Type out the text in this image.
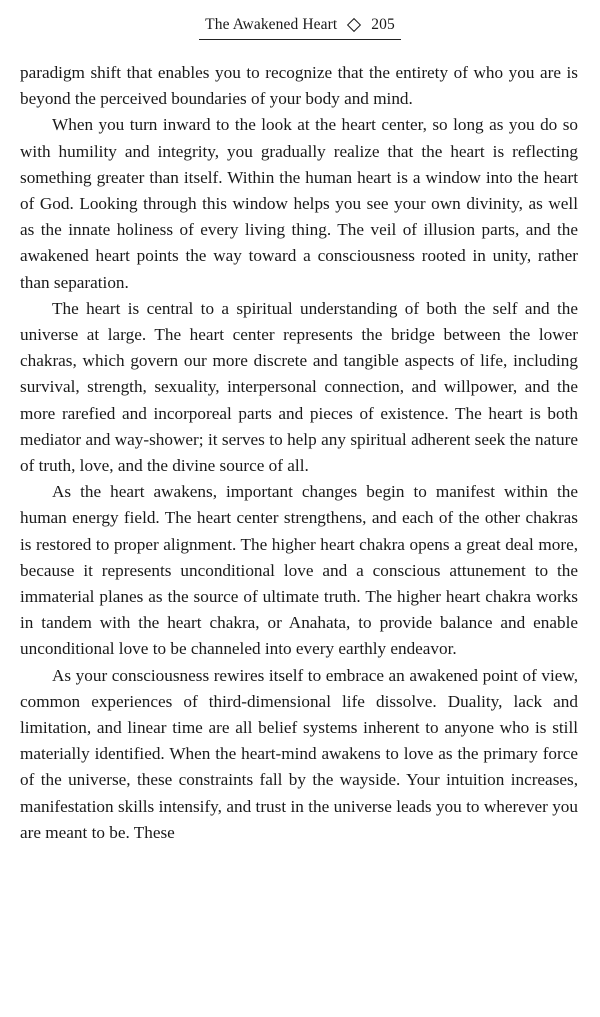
The Awakened Heart 205

paradigm shift that enables you to recognize that the entirety of who you are is beyond the perceived boundaries of your body and mind.

When you turn inward to the look at the heart center, so long as you do so with humility and integrity, you gradually realize that the heart is reflecting something greater than itself. Within the human heart is a window into the heart of God. Looking through this window helps you see your own divinity, as well as the innate holiness of every living thing. The veil of illusion parts, and the awakened heart points the way toward a consciousness rooted in unity, rather than separation.

The heart is central to a spiritual understanding of both the self and the universe at large. The heart center represents the bridge between the lower chakras, which govern our more discrete and tangible aspects of life, including survival, strength, sexuality, interpersonal connection, and willpower, and the more rarefied and incorporeal parts and pieces of existence. The heart is both mediator and way-shower; it serves to help any spiritual adherent seek the nature of truth, love, and the divine source of all.

As the heart awakens, important changes begin to manifest within the human energy field. The heart center strengthens, and each of the other chakras is restored to proper alignment. The higher heart chakra opens a great deal more, because it represents unconditional love and a conscious attunement to the immaterial planes as the source of ultimate truth. The higher heart chakra works in tandem with the heart chakra, or Anahata, to provide balance and enable unconditional love to be channeled into every earthly endeavor.

As your consciousness rewires itself to embrace an awakened point of view, common experiences of third-dimensional life dissolve. Duality, lack and limitation, and linear time are all belief systems inherent to anyone who is still materially identified. When the heart-mind awakens to love as the primary force of the universe, these constraints fall by the wayside. Your intuition increases, manifestation skills intensify, and trust in the universe leads you to wherever you are meant to be. These
